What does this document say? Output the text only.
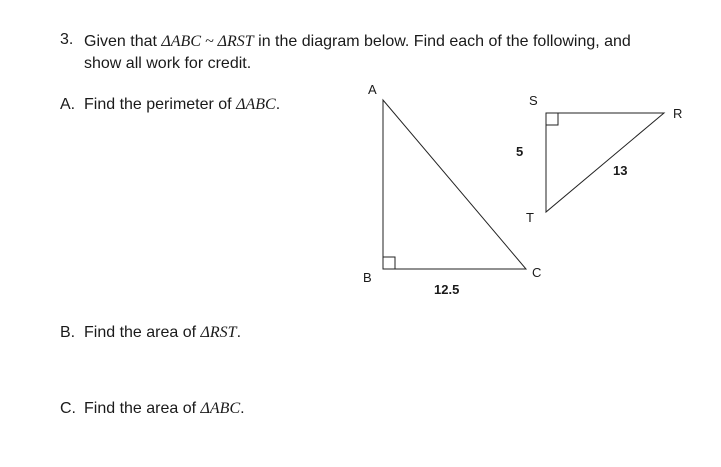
3. Given that ΔABC ~ ΔRST in the diagram below. Find each of the following, and show all work for credit.
A. Find the perimeter of ΔABC.
B. Find the area of ΔRST.
C. Find the area of ΔABC.
A
B	C
12.5
S
R
T
5
13
